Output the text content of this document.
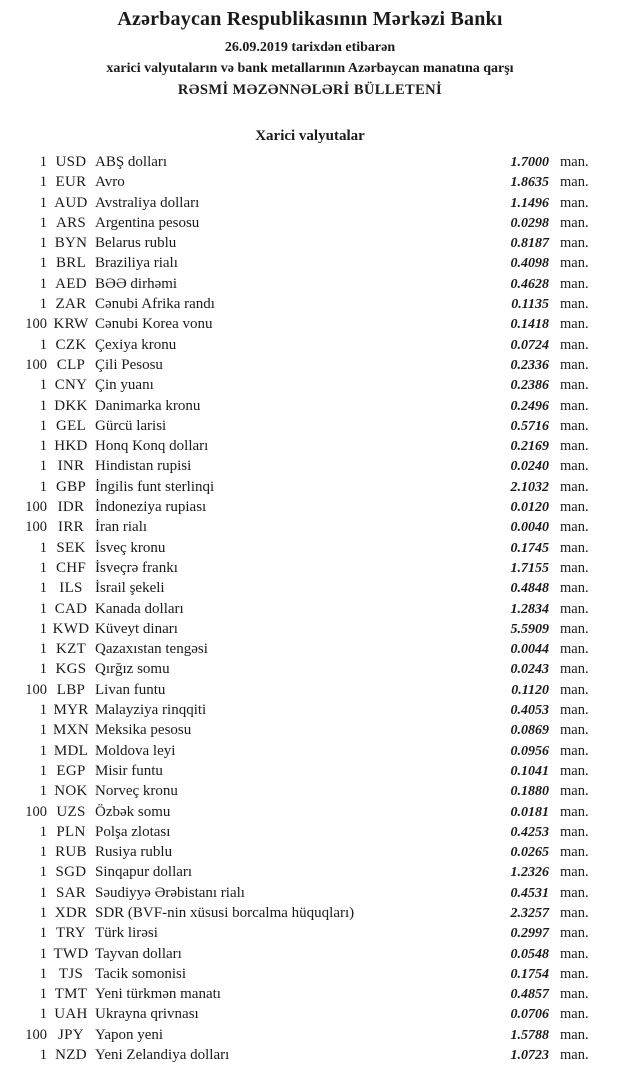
Azərbaycan Respublikasının Mərkəzi Bankı

26.09.2019 tarixdən etibarən

xarici valyutaların və bank metallarının Azərbaycan manatına qarşı

RƏSMİ MƏZƏNNƏLƏRİ BÜLLETENİ

Xarici valyutalar
1 USD ABŞ dolları	1.7000 man.
1 EUR Avro	1.8635 man.
1 AUD Avstraliya dolları	1.1496 man.
1 ARS Argentina pesosu	0.0298 man.
1 BYN Belarus rublu	0.8187 man.
1 BRL Braziliya rialı	0.4098 man.
1 AED BƏƏ dirhəmi	0.4628 man.
1 ZAR Cənubi Afrika randı	0.1135 man.
100 KRW Cənubi Korea vonu	0.1418 man.
1 CZK Çexiya kronu	0.0724 man.
100 CLP Çili Pesosu	0.2336 man.
1 CNY Çin yuanı	0.2386 man.
1 DKK Danimarka kronu	0.2496 man.
1 GEL Gürcü larisi	0.5716 man.
1 HKD Honq Konq dolları	0.2169 man.
1 INR Hindistan rupisi	0.0240 man.
1 GBP İngilis funt sterlinqi	2.1032 man.
100 IDR İndoneziya rupiası	0.0120 man.
100 IRR İran rialı	0.0040 man.
1 SEK İsveç kronu	0.1745 man.
1 CHF İsveçrə frankı	1.7155 man.
1 ILS İsrail şekeli	0.4848 man.
1 CAD Kanada dolları	1.2834 man.
1 KWD Küveyt dinarı	5.5909 man.
1 KZT Qazaxıstan tengəsi	0.0044 man.
1 KGS Qırğız somu	0.0243 man.
100 LBP Livan funtu	0.1120 man.
1 MYR Malayziya rinqqiti	0.4053 man.
1 MXN Meksika pesosu	0.0869 man.
1 MDL Moldova leyi	0.0956 man.
1 EGP Misir funtu	0.1041 man.
1 NOK Norveç kronu	0.1880 man.
100 UZS Özbək somu	0.0181 man.
1 PLN Polşa zlotası	0.4253 man.
1 RUB Rusiya rublu	0.0265 man.
1 SGD Sinqapur dolları	1.2326 man.
1 SAR Səudiyyə Ərəbistanı rialı	0.4531 man.
1 XDR SDR (BVF-nin xüsusi borcalma hüquqları)	2.3257 man.
1 TRY Türk lirəsi	0.2997 man.
1 TWD Tayvan dolları	0.0548 man.
1 TJS Tacik somonisi	0.1754 man.
1 TMT Yeni türkmən manatı	0.4857 man.
1 UAH Ukrayna qrivnası	0.0706 man.
100 JPY Yapon yeni	1.5788 man.
1 NZD Yeni Zelandiya dolları	1.0723 man.
